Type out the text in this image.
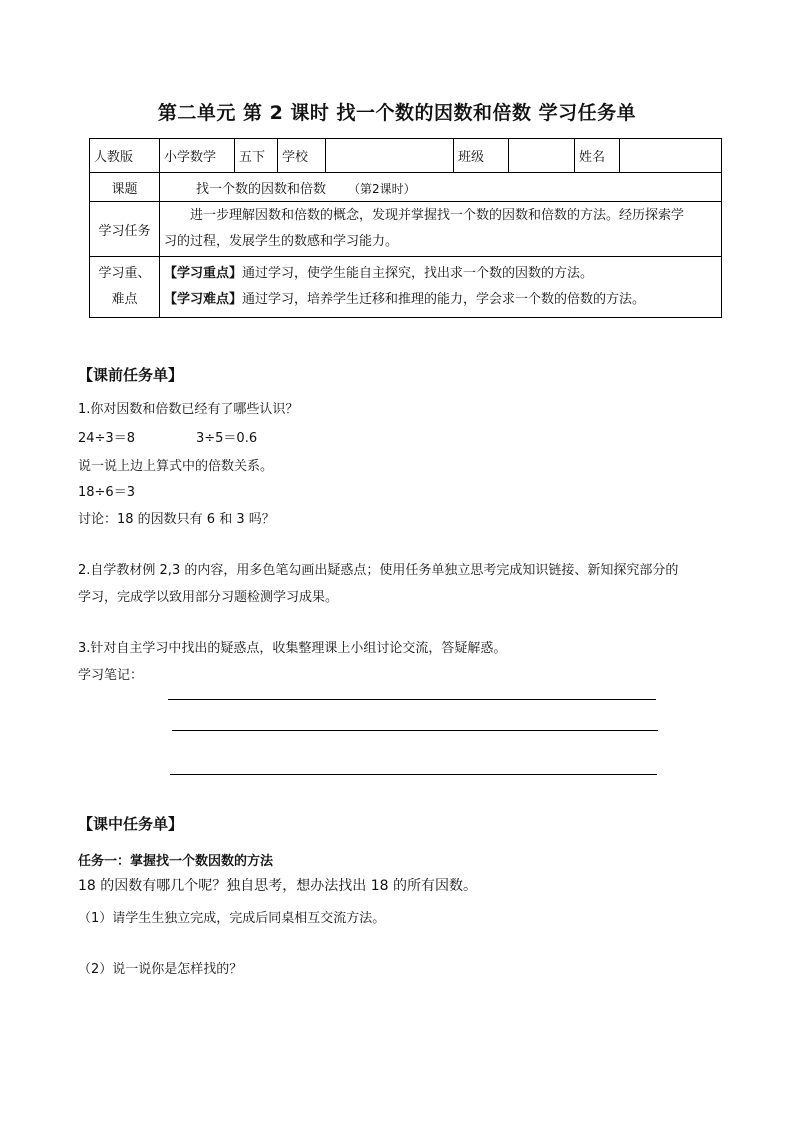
第二单元 第 2 课时 找一个数的因数和倍数 学习任务单
人教版	小学数学	五下	学校		班级		姓名	
课题	找一个数的因数和倍数 （第2课时）							
学习任务	进一步理解因数和倍数的概念，发现并掌握找一个数的因数和倍数的方法。经历探索学
习的过程，发展学生的数感和学习能力。							

学习重、
难点	【学习重点】通过学习，使学生能自主探究，找出求一个数的因数的方法。
【学习难点】通过学习，培养学生迁移和推理的能力，学会求一个数的倍数的方法。							
【课前任务单】
1.你对因数和倍数已经有了哪些认识？
24÷3＝8	3÷5＝0.6
说一说上边上算式中的倍数关系。
18÷6＝3
讨论：18 的因数只有 6 和 3 吗？
2.自学教材例 2,3 的内容，用多色笔勾画出疑惑点；使用任务单独立思考完成知识链接、新知探究部分的
学习，完成学以致用部分习题检测学习成果。
3.针对自主学习中找出的疑惑点，收集整理课上小组讨论交流，答疑解惑。
学习笔记：
【课中任务单】
任务一：掌握找一个数因数的方法
18 的因数有哪几个呢？独自思考，想办法找出 18 的所有因数。
（1）请学生生独立完成，完成后同桌相互交流方法。
（2）说一说你是怎样找的？
